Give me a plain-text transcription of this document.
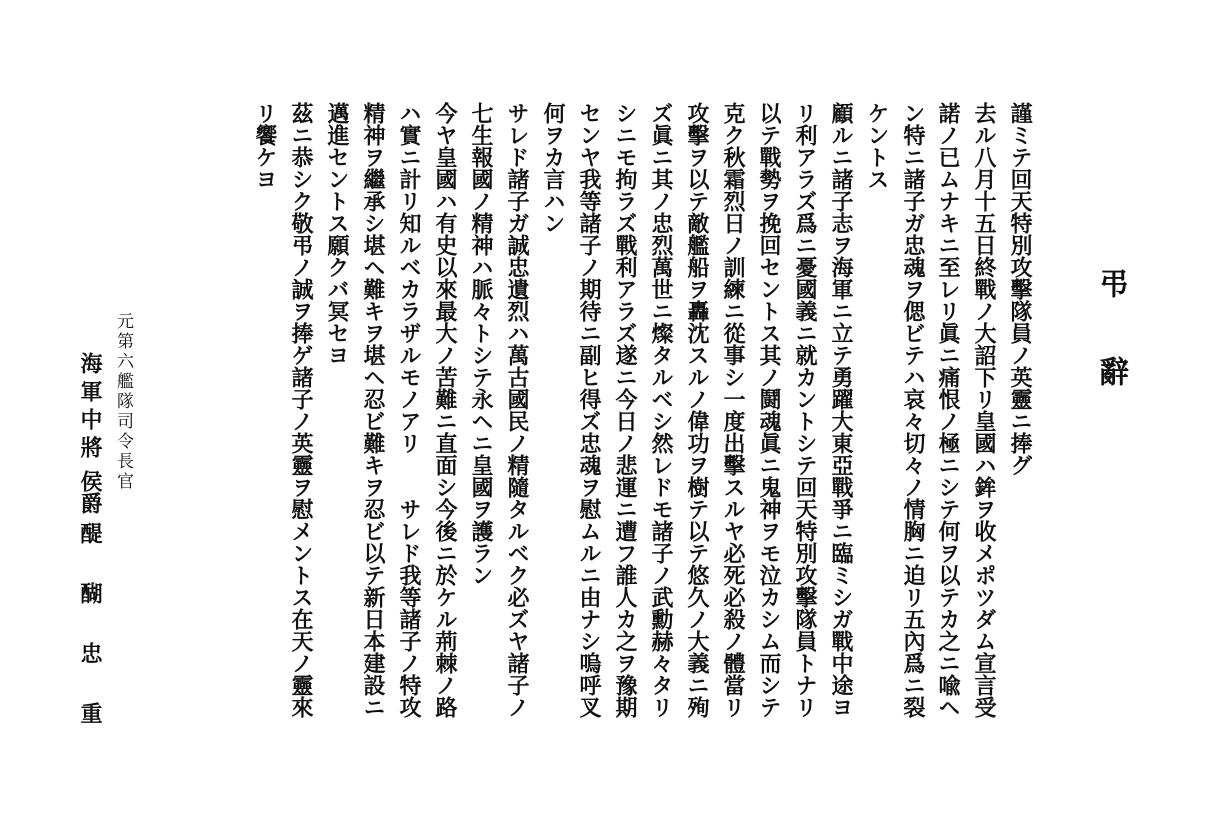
弔辭
謹ミテ回天特別攻擊隊員ノ英靈ニ捧グ
去ル八月十五日終戰ノ大詔下リ皇國ハ鉾ヲ收メポツダム宣言受
諾ノ已ムナキニ至レリ眞ニ痛恨ノ極ニシテ何ヲ以テカ之ニ喩ヘ
ン特ニ諸子ガ忠魂ヲ偲ビテハ哀々切々ノ情胸ニ迫リ五內爲ニ裂
ケントス
顧ルニ諸子志ヲ海軍ニ立テ勇躍大東亞戰爭ニ臨ミシガ戰中途ヨ
リ利アラズ爲ニ憂國義ニ就カントシテ回天特別攻擊隊員トナリ
以テ戰勢ヲ挽回セントス其ノ鬪魂眞ニ鬼神ヲモ泣カシム而シテ
克ク秋霜烈日ノ訓練ニ從事シ一度出擊スルヤ必死必殺ノ體當リ
攻擊ヲ以テ敵艦船ヲ轟沈スルノ偉功ヲ樹テ以テ悠久ノ大義ニ殉
ズ眞ニ其ノ忠烈萬世ニ燦タルベシ然レドモ諸子ノ武勳赫々タリ
シニモ拘ラズ戰利アラズ遂ニ今日ノ悲運ニ遭フ誰人カ之ヲ豫期
センヤ我等諸子ノ期待ニ副ヒ得ズ忠魂ヲ慰ムルニ由ナシ嗚呼叉
何ヲカ言ハン
サレド諸子ガ誠忠遺烈ハ萬古國民ノ精隨タルベク必ズヤ諸子ノ
七生報國ノ精神ハ脈々トシテ永ヘニ皇國ヲ護ラン
今ヤ皇國ハ有史以來最大ノ苦難ニ直面シ今後ニ於ケル荊棘ノ路
ハ實ニ計リ知ルベカラザルモノアリ　　サレド我等諸子ノ特攻
精神ヲ繼承シ堪ヘ難キヲ堪ヘ忍ビ難キヲ忍ビ以テ新日本建設ニ
邁進セントス願クバ冥セヨ
茲ニ恭シク敬弔ノ誠ヲ捧ゲ諸子ノ英靈ヲ慰メントス在天ノ靈來
リ饗ケヨ
元第六艦隊司令長官
海軍中將
侯爵
醍醐忠重
